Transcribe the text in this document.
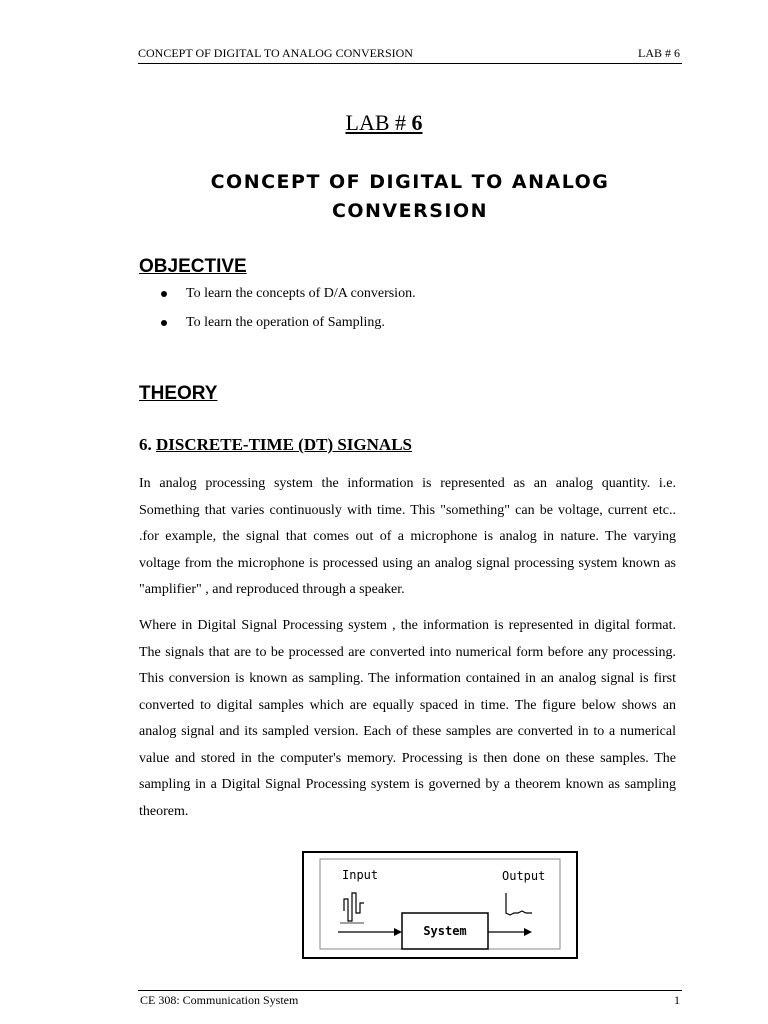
CONCEPT OF DIGITAL TO ANALOG CONVERSION	LAB # 6
LAB # 6
CONCEPT OF DIGITAL TO ANALOG
CONVERSION
OBJECTIVE
To learn the concepts of D/A conversion.
To learn the operation of Sampling.
THEORY
6. DISCRETE-TIME (DT) SIGNALS

In analog processing system the information is represented as an analog quantity. i.e. Something that varies continuously with time. This "something" can be voltage, current etc.. .for example, the signal that comes out of a microphone is analog in nature. The varying voltage from the microphone is processed using an analog signal processing system known as "amplifier" , and reproduced through a speaker.

Where in Digital Signal Processing system , the information is represented in digital format. The signals that are to be processed are converted into numerical form before any processing. This conversion is known as sampling. The information contained in an analog signal is first converted to digital samples which are equally spaced in time. The figure below shows an analog signal and its sampled version. Each of these samples are converted in to a numerical value and stored in the computer's memory. Processing is then done on these samples. The sampling in a Digital Signal Processing system is governed by a theorem known as sampling theorem.

Input	Output
System
CE 308: Communication System	1
